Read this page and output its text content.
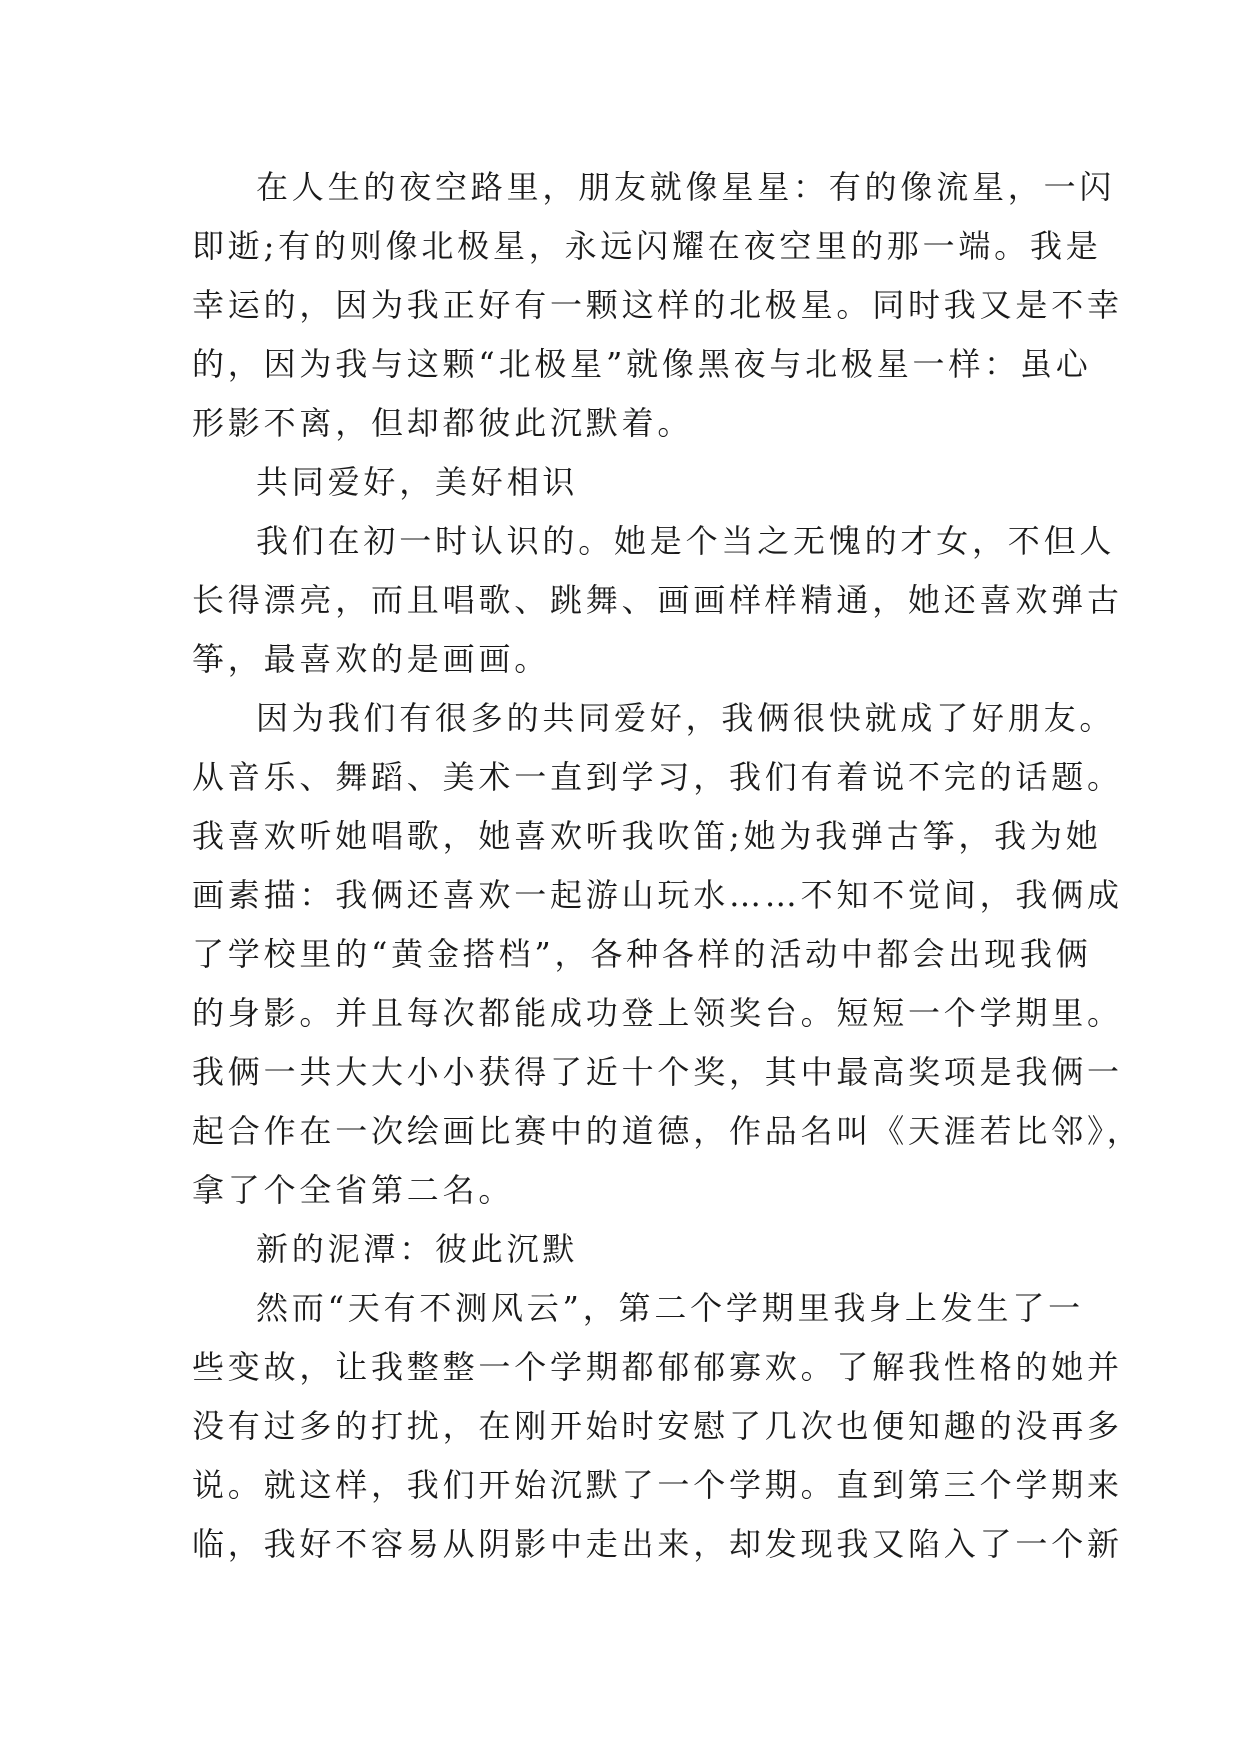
在人生的夜空路里，朋友就像星星：有的像流星，一闪
即逝;有的则像北极星，永远闪耀在夜空里的那一端。我是
幸运的，因为我正好有一颗这样的北极星。同时我又是不幸
的，因为我与这颗“北极星”就像黑夜与北极星一样：虽心
形影不离，但却都彼此沉默着。
共同爱好，美好相识
我们在初一时认识的。她是个当之无愧的才女，不但人
长得漂亮，而且唱歌、跳舞、画画样样精通，她还喜欢弹古
筝，最喜欢的是画画。
因为我们有很多的共同爱好，我俩很快就成了好朋友。
从音乐、舞蹈、美术一直到学习，我们有着说不完的话题。
我喜欢听她唱歌，她喜欢听我吹笛;她为我弹古筝，我为她
画素描：我俩还喜欢一起游山玩水……不知不觉间，我俩成
了学校里的“黄金搭档”，各种各样的活动中都会出现我俩
的身影。并且每次都能成功登上领奖台。短短一个学期里。
我俩一共大大小小获得了近十个奖，其中最高奖项是我俩一
起合作在一次绘画比赛中的道德，作品名叫《天涯若比邻》，
拿了个全省第二名。
新的泥潭：彼此沉默
然而“天有不测风云”，第二个学期里我身上发生了一
些变故，让我整整一个学期都郁郁寡欢。了解我性格的她并
没有过多的打扰，在刚开始时安慰了几次也便知趣的没再多
说。就这样，我们开始沉默了一个学期。直到第三个学期来
临，我好不容易从阴影中走出来，却发现我又陷入了一个新
